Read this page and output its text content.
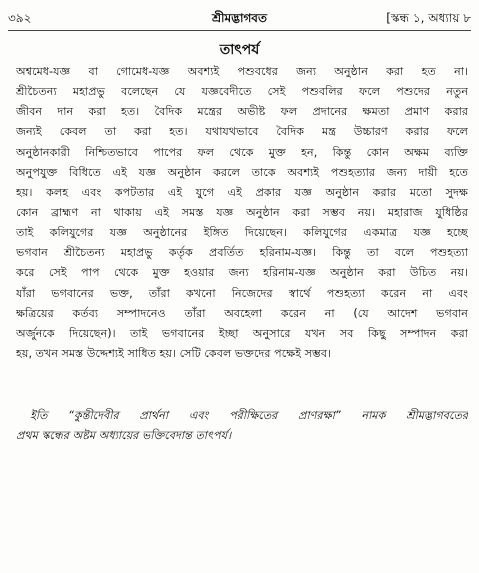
৩৯২	শ্রীমদ্ভাগবত	[স্কন্ধ ১, অধ্যায় ৮
তাৎপর্য
অশ্বমেধ-যজ্ঞ বা গোমেধ-যজ্ঞ অবশ্যই পশুবধের জন্য অনুষ্ঠান করা হত না।
শ্রীচৈতন্য মহাপ্রভু বলেছেন যে যজ্ঞবেদীতে সেই পশুবলির ফলে পশুদের নতুন
জীবন দান করা হত। বৈদিক মন্ত্রের অভীষ্ট ফল প্রদানের ক্ষমতা প্রমাণ করার
জন্যই কেবল তা করা হত। যথাযথভাবে বৈদিক মন্ত্র উচ্চারণ করার ফলে
অনুষ্ঠানকারী নিশ্চিতভাবে পাপের ফল থেকে মুক্ত হন, কিন্তু কোন অক্ষম ব্যক্তি
অনুপযুক্ত বিধিতে এই যজ্ঞ অনুষ্ঠান করলে তাকে অবশ্যই পশুহত্যার জন্য দায়ী হতে
হয়। কলহ এবং কপটতার এই যুগে এই প্রকার যজ্ঞ অনুষ্ঠান করার মতো সুদক্ষ
কোন ব্রাহ্মণ না থাকায় এই সমস্ত যজ্ঞ অনুষ্ঠান করা সম্ভব নয়। মহারাজ যুধিষ্ঠির
তাই কলিযুগের যজ্ঞ অনুষ্ঠানের ইঙ্গিত দিয়েছেন। কলিযুগের একমাত্র যজ্ঞ হচ্ছে
ভগবান শ্রীচৈতন্য মহাপ্রভু কর্তৃক প্রবর্তিত হরিনাম-যজ্ঞ। কিন্তু তা বলে পশুহত্যা
করে সেই পাপ থেকে মুক্ত হওয়ার জন্য হরিনাম-যজ্ঞ অনুষ্ঠান করা উচিত নয়।
যাঁরা ভগবানের ভক্ত, তাঁরা কখনো নিজেদের স্বার্থে পশুহত্যা করেন না এবং
ক্ষত্রিয়ের কর্তব্য সম্পাদনেও তাঁরা অবহেলা করেন না (যে আদেশ ভগবান
অর্জুনকে দিয়েছেন)। তাই ভগবানের ইচ্ছা অনুসারে যখন সব কিছু সম্পাদন করা
হয়, তখন সমস্ত উদ্দেশ্যই সাধিত হয়। সেটি কেবল ভক্তদের পক্ষেই সম্ভব।
ইতি “কুন্তীদেবীর প্রার্থনা এবং পরীক্ষিতের প্রাণরক্ষা” নামক শ্রীমদ্ভাগবতের
প্রথম স্কন্ধের অষ্টম অধ্যায়ের ভক্তিবেদান্ত তাৎপর্য।
